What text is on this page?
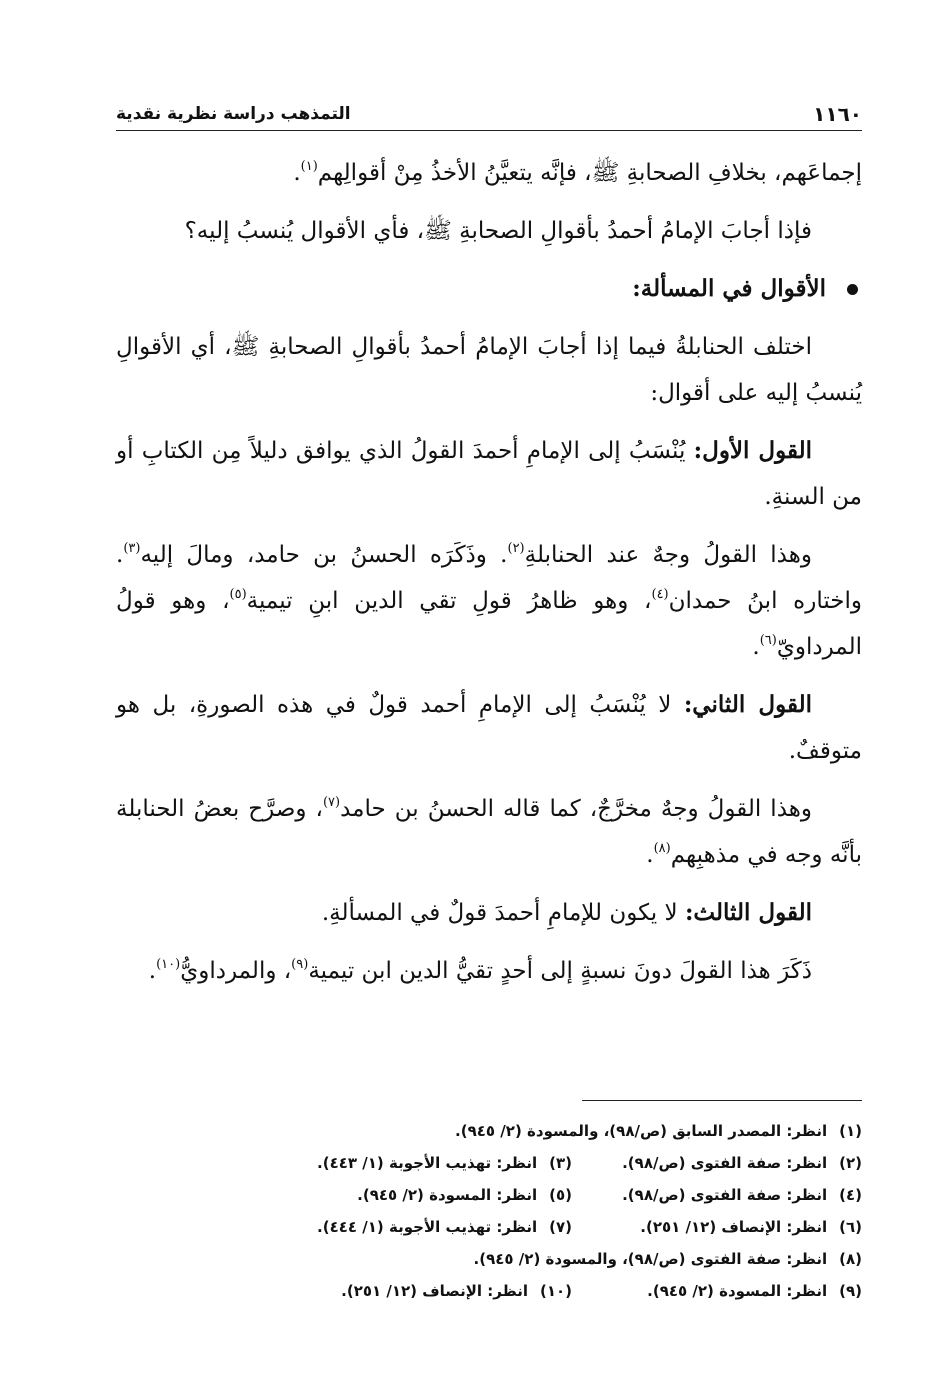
١١٦٠
التمذهب دراسة نظرية نقدية

إجماعَهم، بخلافِ الصحابةِ ﷺ، فإنَّه يتعيَّنُ الأخذُ مِنْ أقوالِهم$^{(١)}$.

فإذا أجابَ الإمامُ أحمدُ بأقوالِ الصحابةِ ﷺ، فأي الأقوال يُنسبُ إليه؟

الأقوال في المسألة:

اختلف الحنابلةُ فيما إذا أجابَ الإمامُ أحمدُ بأقوالِ الصحابةِ ﷺ، أي الأقوالِ يُنسبُ إليه على أقوال:

القول الأول: يُنْسَبُ إلى الإمامِ أحمدَ القولُ الذي يوافق دليلاً مِن الكتابِ أو من السنةِ.

وهذا القولُ وجهٌ عند الحنابلةِ$^{(٢)}$. وذَكَرَه الحسنُ بن حامد، ومالَ إليه$^{(٣)}$. واختاره ابنُ حمدان$^{(٤)}$، وهو ظاهرُ قولِ تقي الدين ابنِ تيمية$^{(٥)}$، وهو قولُ المرداويّ$^{(٦)}$.

القول الثاني: لا يُنْسَبُ إلى الإمامِ أحمد قولٌ في هذه الصورةِ، بل هو متوقفٌ.

وهذا القولُ وجهٌ مخرَّجٌ، كما قاله الحسنُ بن حامد$^{(٧)}$، وصرَّح بعضُ الحنابلة بأنَّه وجه في مذهبِهم$^{(٨)}$.

القول الثالث: لا يكون للإمامِ أحمدَ قولٌ في المسألةِ.

ذَكَرَ هذا القولَ دونَ نسبةٍ إلى أحدٍ تقيُّ الدين ابن تيمية$^{(٩)}$، والمرداويُّ$^{(١٠)}$.

(١)انظر: المصدر السابق (ص/٩٨)، والمسودة (٢/ ٩٤٥).
(٢)انظر: صفة الفتوى (ص/٩٨).
(٣)انظر: تهذيب الأجوبة (١/ ٤٤٣).
(٤)انظر: صفة الفتوى (ص/٩٨).
(٥)انظر: المسودة (٢/ ٩٤٥).
(٦)انظر: الإنصاف (١٢/ ٢٥١).
(٧)انظر: تهذيب الأجوبة (١/ ٤٤٤).
(٨)انظر: صفة الفتوى (ص/٩٨)، والمسودة (٢/ ٩٤٥).
(٩)انظر: المسودة (٢/ ٩٤٥).
(١٠)انظر: الإنصاف (١٢/ ٢٥١).
